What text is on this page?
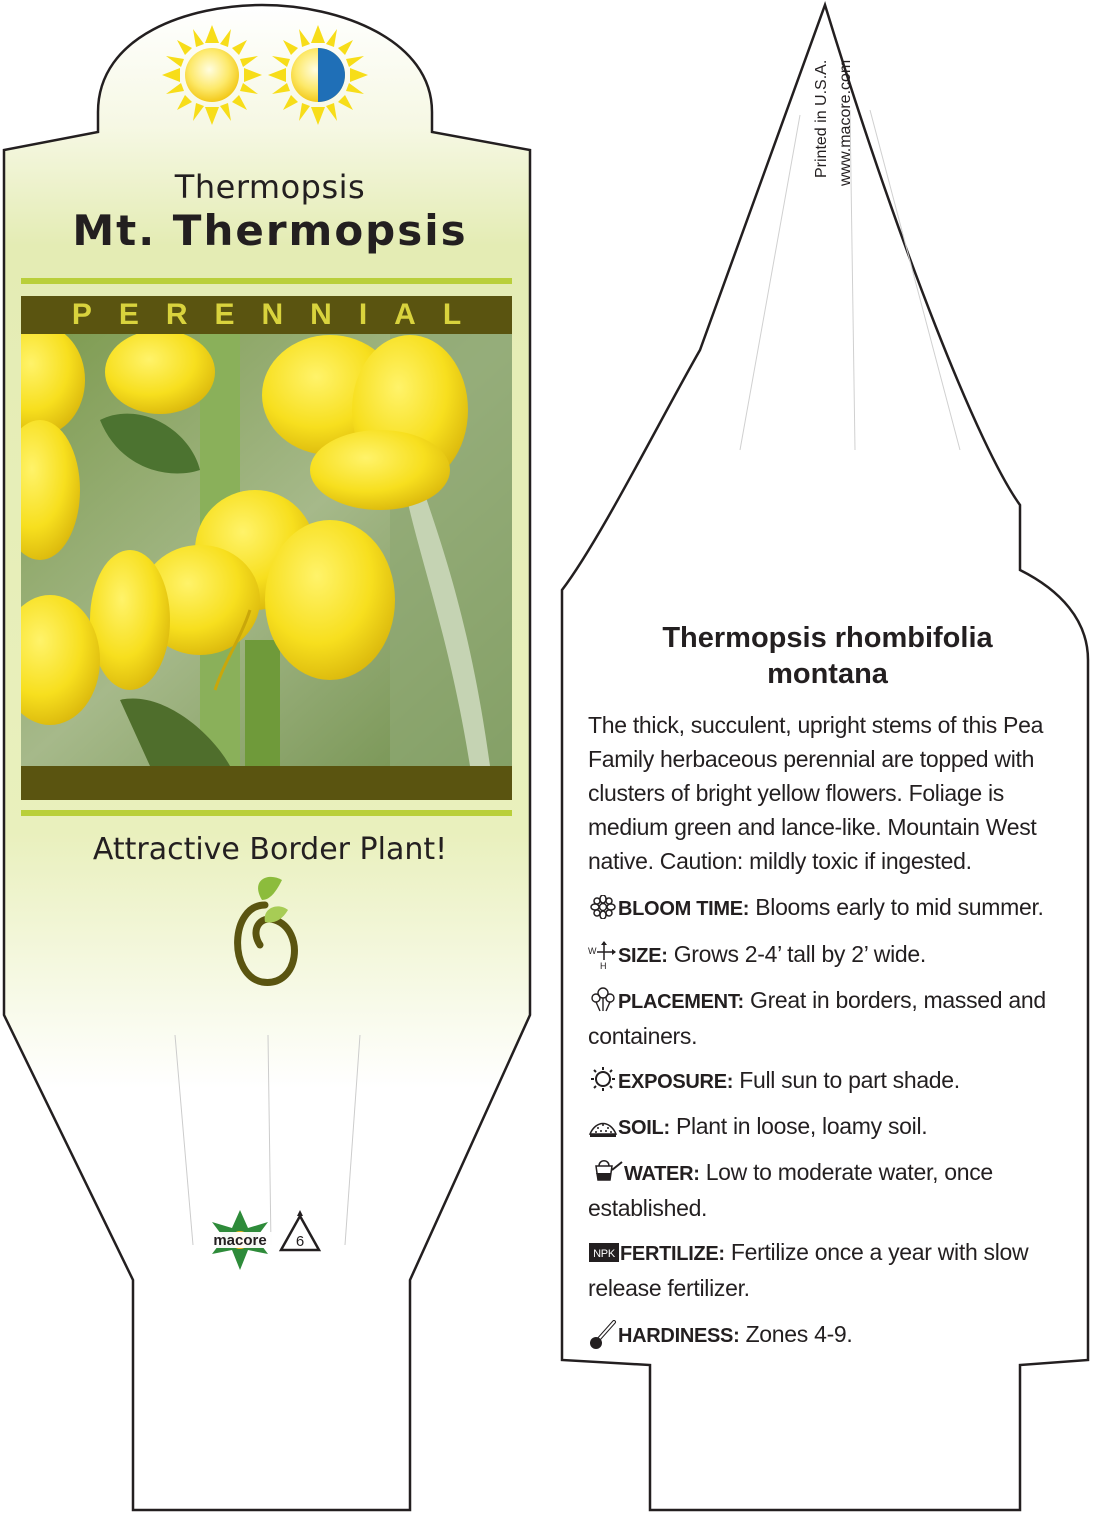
macore 6
Thermopsis
Mt. Thermopsis
PERENNIAL
Attractive Border Plant!
Printed in U.S.A. www.macore.com
Thermopsis rhombifolia
montana
The thick, succulent, upright stems of this Pea Family herbaceous perennial are topped with clusters of bright yellow flowers. Foliage is medium green and lance-like. Mountain West native. Caution: mildly toxic if ingested.
BLOOM TIME: Blooms early to mid summer.
W
H SIZE: Grows 2-4’ tall by 2’ wide.
PLACEMENT: Great in borders, massed and containers.
EXPOSURE: Full sun to part shade.
SOIL: Plant in loose, loamy soil.
WATER: Low to moderate water, once established.
NPK FERTILIZE: Fertilize once a year with slow release fertilizer.
HARDINESS: Zones 4-9.
